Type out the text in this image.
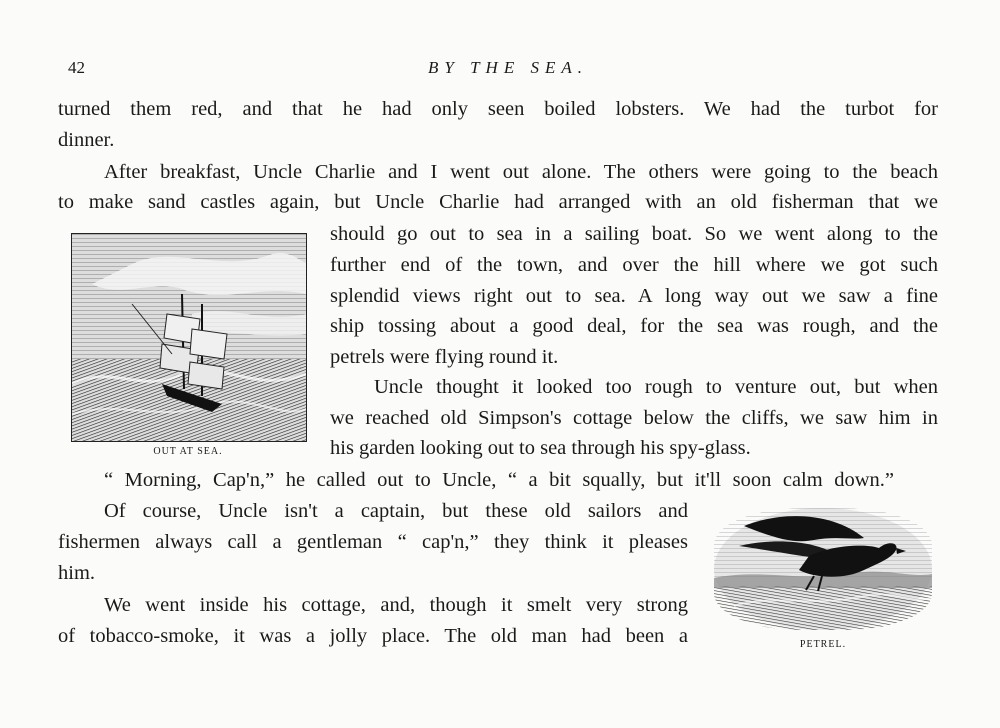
42	BY THE SEA.
turned them red, and that he had only seen boiled lobsters. We had the turbot for
dinner.
After breakfast, Uncle Charlie and I went out alone. The others were going to the beach
to make sand castles again, but Uncle Charlie had arranged with an old fisherman that we
should go out to sea in a sailing boat. So we went along to the
further end of the town, and over the hill where we got such
splendid views right out to sea. A long way out we saw a fine
ship tossing about a good deal, for the sea was rough, and the
petrels were flying round it.
Uncle thought it looked too rough to venture out, but when
we reached old Simpson's cottage below the cliffs, we saw him in
his garden looking out to sea through his spy-glass.
“ Morning, Cap'n,” he called out to Uncle, “ a bit squally, but it'll soon calm down.”
Of course, Uncle isn't a captain, but these old sailors and
fishermen always call a gentleman “ cap'n,” they think it pleases
him.
We went inside his cottage, and, though it smelt very strong
of tobacco-smoke, it was a jolly place. The old man had been a
OUT AT SEA.
PETREL.
